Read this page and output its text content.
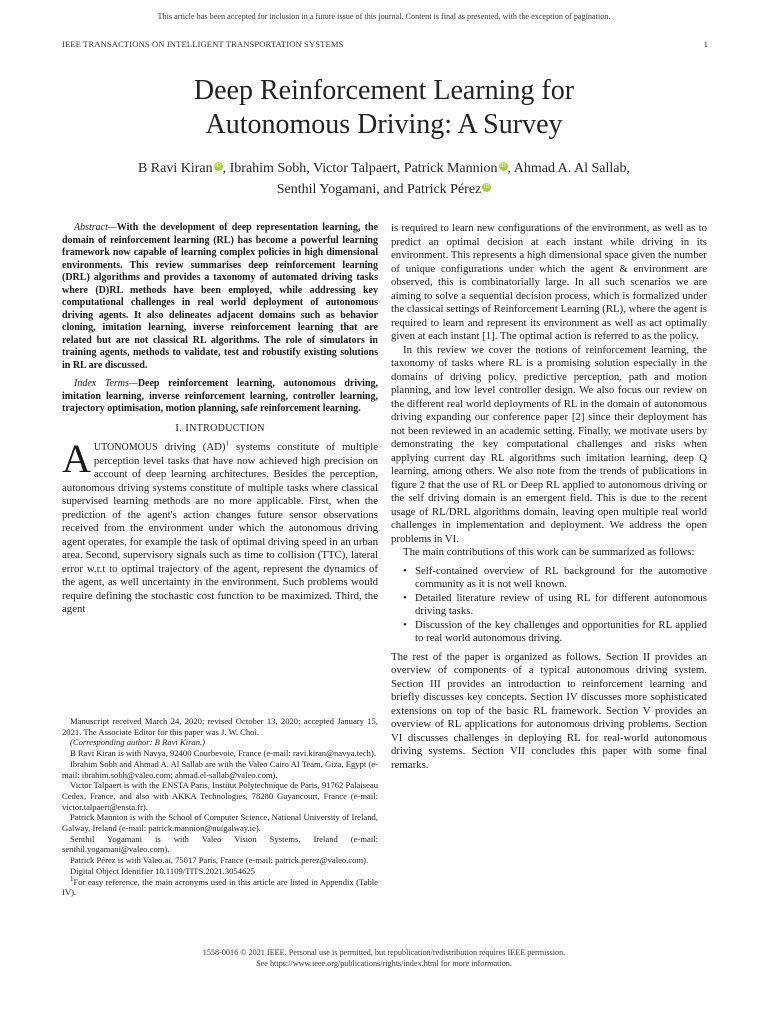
This article has been accepted for inclusion in a future issue of this journal. Content is final as presented, with the exception of pagination.
IEEE TRANSACTIONS ON INTELLIGENT TRANSPORTATION SYSTEMS	1
Deep Reinforcement Learning for
Autonomous Driving: A Survey
B Ravi Kiran iD , Ibrahim Sobh, Victor Talpaert, Patrick Mannion iD , Ahmad A. Al Sallab,
Senthil Yogamani, and Patrick Pérez iD

Abstract—With the development of deep representation learning, the domain of reinforcement learning (RL) has become a powerful learning framework now capable of learning complex policies in high dimensional environments. This review summarises deep reinforcement learning (DRL) algorithms and provides a taxonomy of automated driving tasks where (D)RL methods have been employed, while addressing key computational challenges in real world deployment of autonomous driving agents. It also delineates adjacent domains such as behavior cloning, imitation learning, inverse reinforcement learning that are related but are not classical RL algorithms. The role of simulators in training agents, methods to validate, test and robustify existing solutions in RL are discussed.

Index Terms—Deep reinforcement learning, autonomous driving, imitation learning, inverse reinforcement learning, controller learning, trajectory optimisation, motion planning, safe reinforcement learning.

I. INTRODUCTION

AUTONOMOUS driving (AD)$^1$ systems constitute of multiple perception level tasks that have now achieved high precision on account of deep learning architectures. Besides the perception, autonomous driving systems constitute of multiple tasks where classical supervised learning methods are no more applicable. First, when the prediction of the agent's action changes future sensor observations received from the environment under which the autonomous driving agent operates, for example the task of optimal driving speed in an urban area. Second, supervisory signals such as time to collision (TTC), lateral error w.r.t to optimal trajectory of the agent, represent the dynamics of the agent, as well uncertainty in the environment. Such problems would require defining the stochastic cost function to be maximized. Third, the agent

Manuscript received March 24, 2020; revised October 13, 2020; accepted January 15, 2021. The Associate Editor for this paper was J. W. Choi.

(Corresponding author: B Ravi Kiran.)

B Ravi Kiran is with Navya, 92400 Courbevoie, France (e-mail: ravi.kiran@navya.tech).

Ibrahim Sobh and Ahmad A. Al Sallab are with the Valeo Cairo AI Team, Giza, Egypt (e-mail: ibrahim.sobh@valeo.com; ahmad.el-sallab@valeo.com).

Victor Talpaert is with the ENSTA Paris, Institut Polytechnique de Paris, 91762 Palaiseau Cedex, France, and also with AKKA Technologies, 78280 Guyancourt, France (e-mail: victor.talpaert@ensta.fr).

Patrick Mannion is with the School of Computer Science, National University of Ireland, Galway, Ireland (e-mail: patrick.mannion@nuigalway.ie).

Senthil Yogamani is with Valeo Vision Systems, Ireland (e-mail: senthil.yogamani@valeo.com).

Patrick Pérez is with Valeo.ai, 75017 Paris, France (e-mail: patrick.perez@valeo.com).

Digital Object Identifier 10.1109/TITS.2021.3054625

$^1$For easy reference, the main acronyms used in this article are listed in Appendix (Table IV).

is required to learn new configurations of the environment, as well as to predict an optimal decision at each instant while driving in its environment. This represents a high dimensional space given the number of unique configurations under which the agent & environment are observed, this is combinatorially large. In all such scenarios we are aiming to solve a sequential decision process, which is formalized under the classical settings of Reinforcement Learning (RL), where the agent is required to learn and represent its environment as well as act optimally given at each instant [1]. The optimal action is referred to as the policy.

In this review we cover the notions of reinforcement learning, the taxonomy of tasks where RL is a promising solution especially in the domains of driving policy, predictive perception, path and motion planning, and low level controller design. We also focus our review on the different real world deployments of RL in the domain of autonomous driving expanding our conference paper [2] since their deployment has not been reviewed in an academic setting. Finally, we motivate users by demonstrating the key computational challenges and risks when applying current day RL algorithms such imitation learning, deep Q learning, among others. We also note from the trends of publications in figure 2 that the use of RL or Deep RL applied to autonomous driving or the self driving domain is an emergent field. This is due to the recent usage of RL/DRL algorithms domain, leaving open multiple real world challenges in implementation and deployment. We address the open problems in VI.

The main contributions of this work can be summarized as follows:

• Self-contained overview of RL background for the automotive community as it is not well known.
• Detailed literature review of using RL for different autonomous driving tasks.
• Discussion of the key challenges and opportunities for RL applied to real world autonomous driving.

The rest of the paper is organized as follows. Section II provides an overview of components of a typical autonomous driving system. Section III provides an introduction to reinforcement learning and briefly discusses key concepts. Section IV discusses more sophisticated extensions on top of the basic RL framework. Section V provides an overview of RL applications for autonomous driving problems. Section VI discusses challenges in deploying RL for real-world autonomous driving systems. Section VII concludes this paper with some final remarks.

1558-0016 © 2021 IEEE. Personal use is permitted, but republication/redistribution requires IEEE permission.
See https://www.ieee.org/publications/rights/index.html for more information.
